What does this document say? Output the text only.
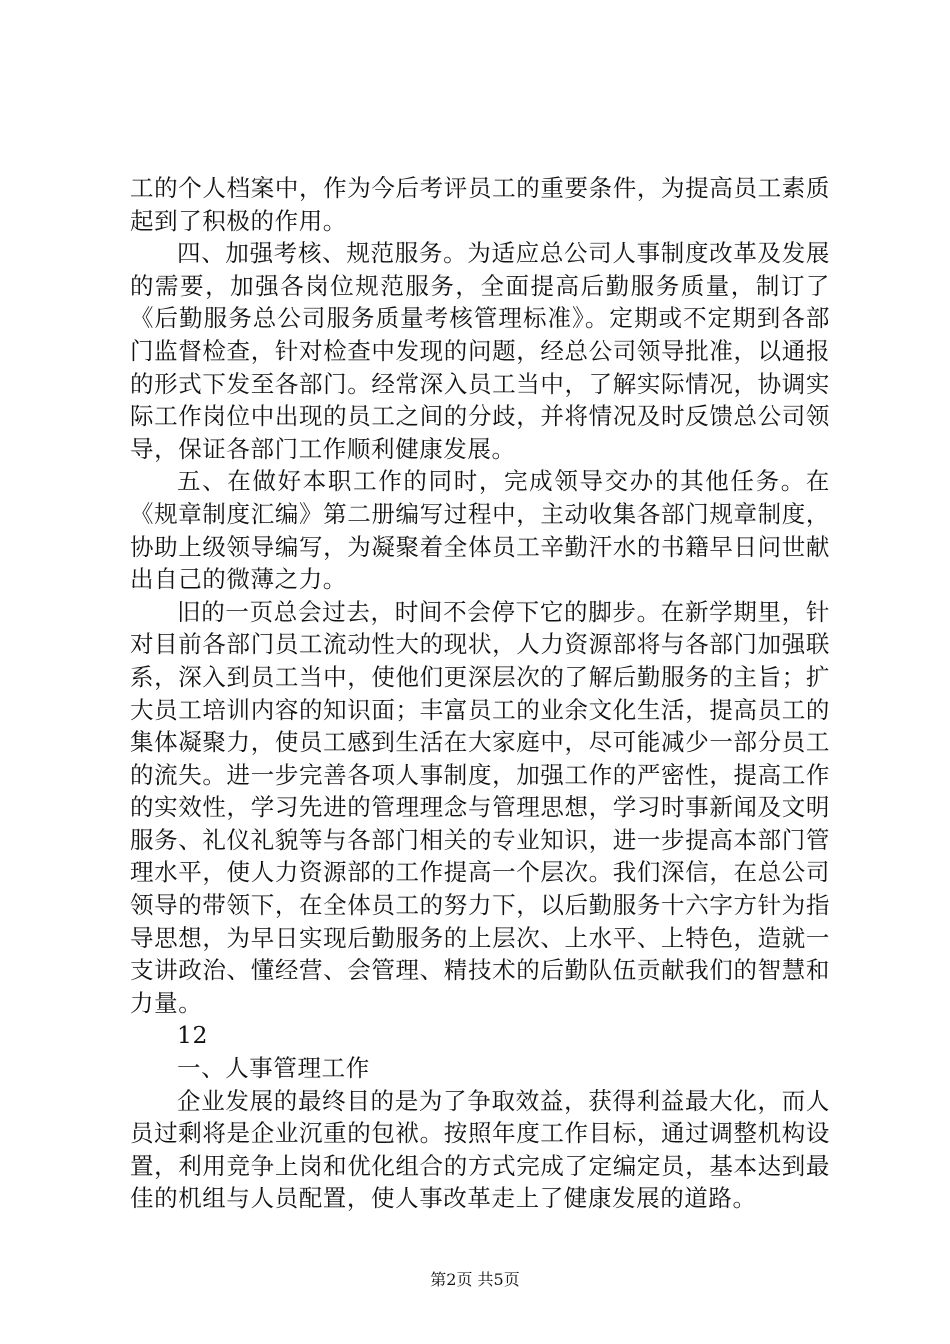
工的个人档案中，作为今后考评员工的重要条件，为提高员工素质起到了积极的作用。

四、加强考核、规范服务。为适应总公司人事制度改革及发展的需要，加强各岗位规范服务，全面提高后勤服务质量，制订了《后勤服务总公司服务质量考核管理标准》。定期或不定期到各部门监督检查，针对检查中发现的问题，经总公司领导批准，以通报的形式下发至各部门。经常深入员工当中，了解实际情况，协调实际工作岗位中出现的员工之间的分歧，并将情况及时反馈总公司领导，保证各部门工作顺利健康发展。

五、在做好本职工作的同时，完成领导交办的其他任务。在《规章制度汇编》第二册编写过程中，主动收集各部门规章制度，协助上级领导编写，为凝聚着全体员工辛勤汗水的书籍早日问世献出自己的微薄之力。

旧的一页总会过去，时间不会停下它的脚步。在新学期里，针对目前各部门员工流动性大的现状，人力资源部将与各部门加强联系，深入到员工当中，使他们更深层次的了解后勤服务的主旨；扩大员工培训内容的知识面；丰富员工的业余文化生活，提高员工的集体凝聚力，使员工感到生活在大家庭中，尽可能减少一部分员工的流失。进一步完善各项人事制度，加强工作的严密性，提高工作的实效性，学习先进的管理理念与管理思想，学习时事新闻及文明服务、礼仪礼貌等与各部门相关的专业知识，进一步提高本部门管理水平，使人力资源部的工作提高一个层次。我们深信，在总公司领导的带领下，在全体员工的努力下，以后勤服务十六字方针为指导思想，为早日实现后勤服务的上层次、上水平、上特色，造就一支讲政治、懂经营、会管理、精技术的后勤队伍贡献我们的智慧和力量。

12

一、人事管理工作

企业发展的最终目的是为了争取效益，获得利益最大化，而人员过剩将是企业沉重的包袱。按照年度工作目标，通过调整机构设置，利用竞争上岗和优化组合的方式完成了定编定员，基本达到最佳的机组与人员配置，使人事改革走上了健康发展的道路。

第2页 共5页
